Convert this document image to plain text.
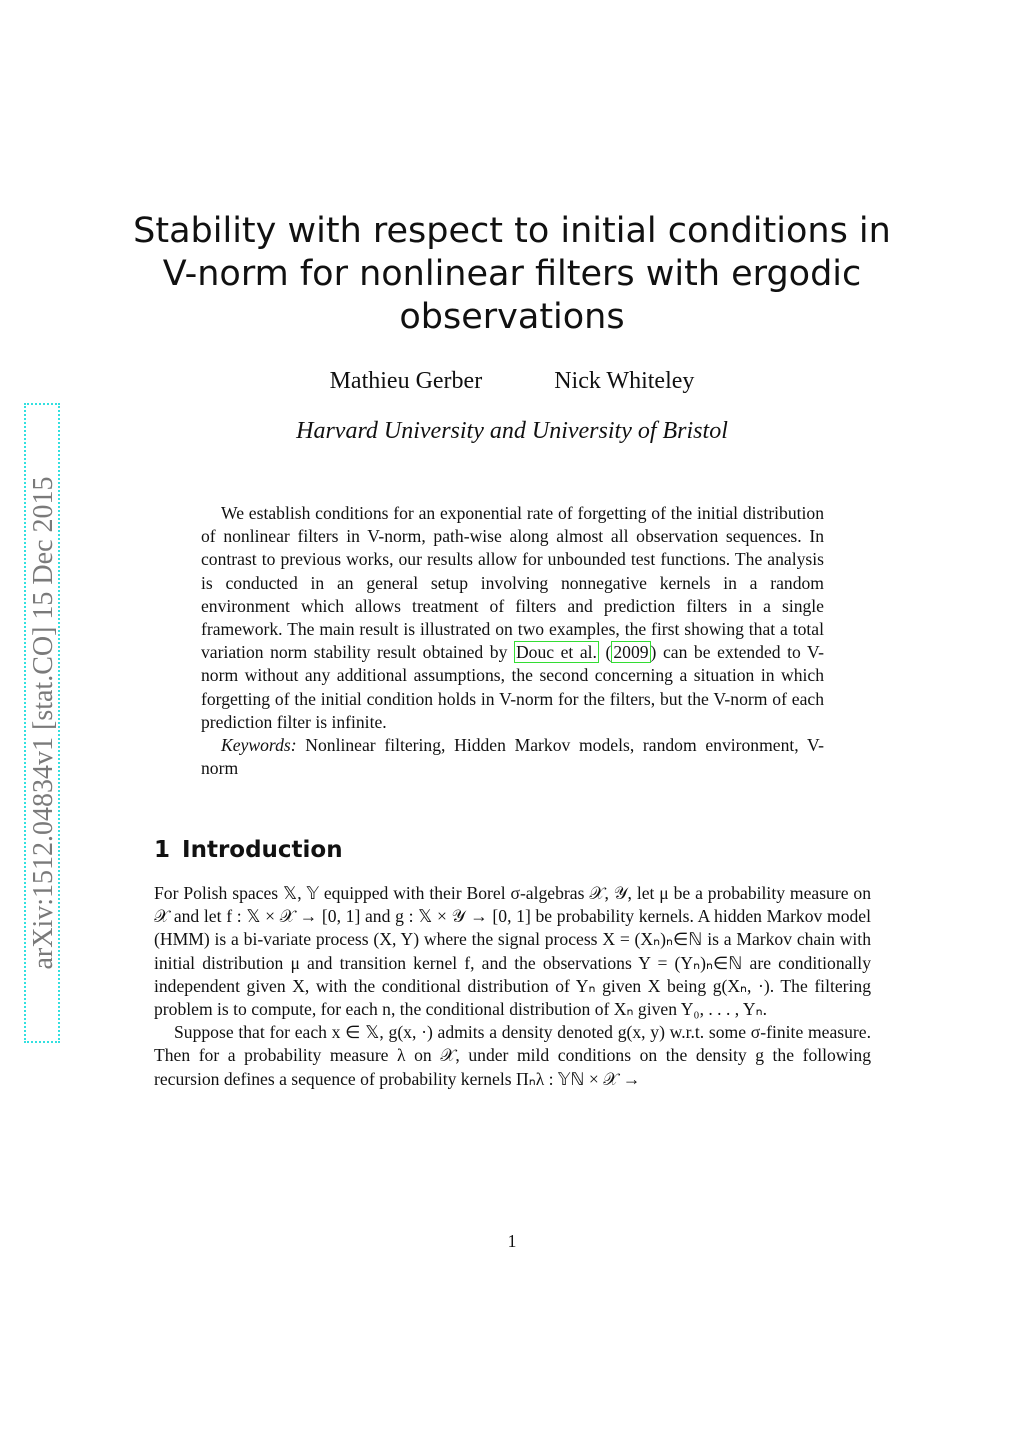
arXiv:1512.04834v1 [stat.CO] 15 Dec 2015
Stability with respect to initial conditions in V-norm for nonlinear filters with ergodic observations
Mathieu Gerber	Nick Whiteley
Harvard University and University of Bristol

We establish conditions for an exponential rate of forgetting of the initial distribution of nonlinear filters in V-norm, path-wise along almost all observation sequences. In contrast to previous works, our results allow for unbounded test functions. The analysis is conducted in an general setup involving nonnegative kernels in a random environment which allows treatment of filters and prediction filters in a single framework. The main result is illustrated on two examples, the first showing that a total variation norm stability result obtained by Douc et al. ( 2009 ) can be extended to V-norm without any additional assumptions, the second concerning a situation in which forgetting of the initial condition holds in V-norm for the filters, but the V-norm of each prediction filter is infinite.

Keywords: Nonlinear filtering, Hidden Markov models, random environment, V-norm

1 Introduction

For Polish spaces 𝕏, 𝕐 equipped with their Borel σ-algebras 𝒳, 𝒴, let μ be a probability measure on 𝒳 and let f : 𝕏 × 𝒳 → [0, 1] and g : 𝕏 × 𝒴 → [0, 1] be probability kernels. A hidden Markov model (HMM) is a bi-variate process (X, Y) where the signal process X = (Xₙ)ₙ∈ℕ is a Markov chain with initial distribution μ and transition kernel f, and the observations Y = (Yₙ)ₙ∈ℕ are conditionally independent given X, with the conditional distribution of Yₙ given X being g(Xₙ, ·). The filtering problem is to compute, for each n, the conditional distribution of Xₙ given Y₀, . . . , Yₙ.

Suppose that for each x ∈ 𝕏, g(x, ·) admits a density denoted g(x, y) w.r.t. some σ-finite measure. Then for a probability measure λ on 𝒳, under mild conditions on the density g the following recursion defines a sequence of probability kernels Πₙλ : 𝕐ℕ × 𝒳 →

1
